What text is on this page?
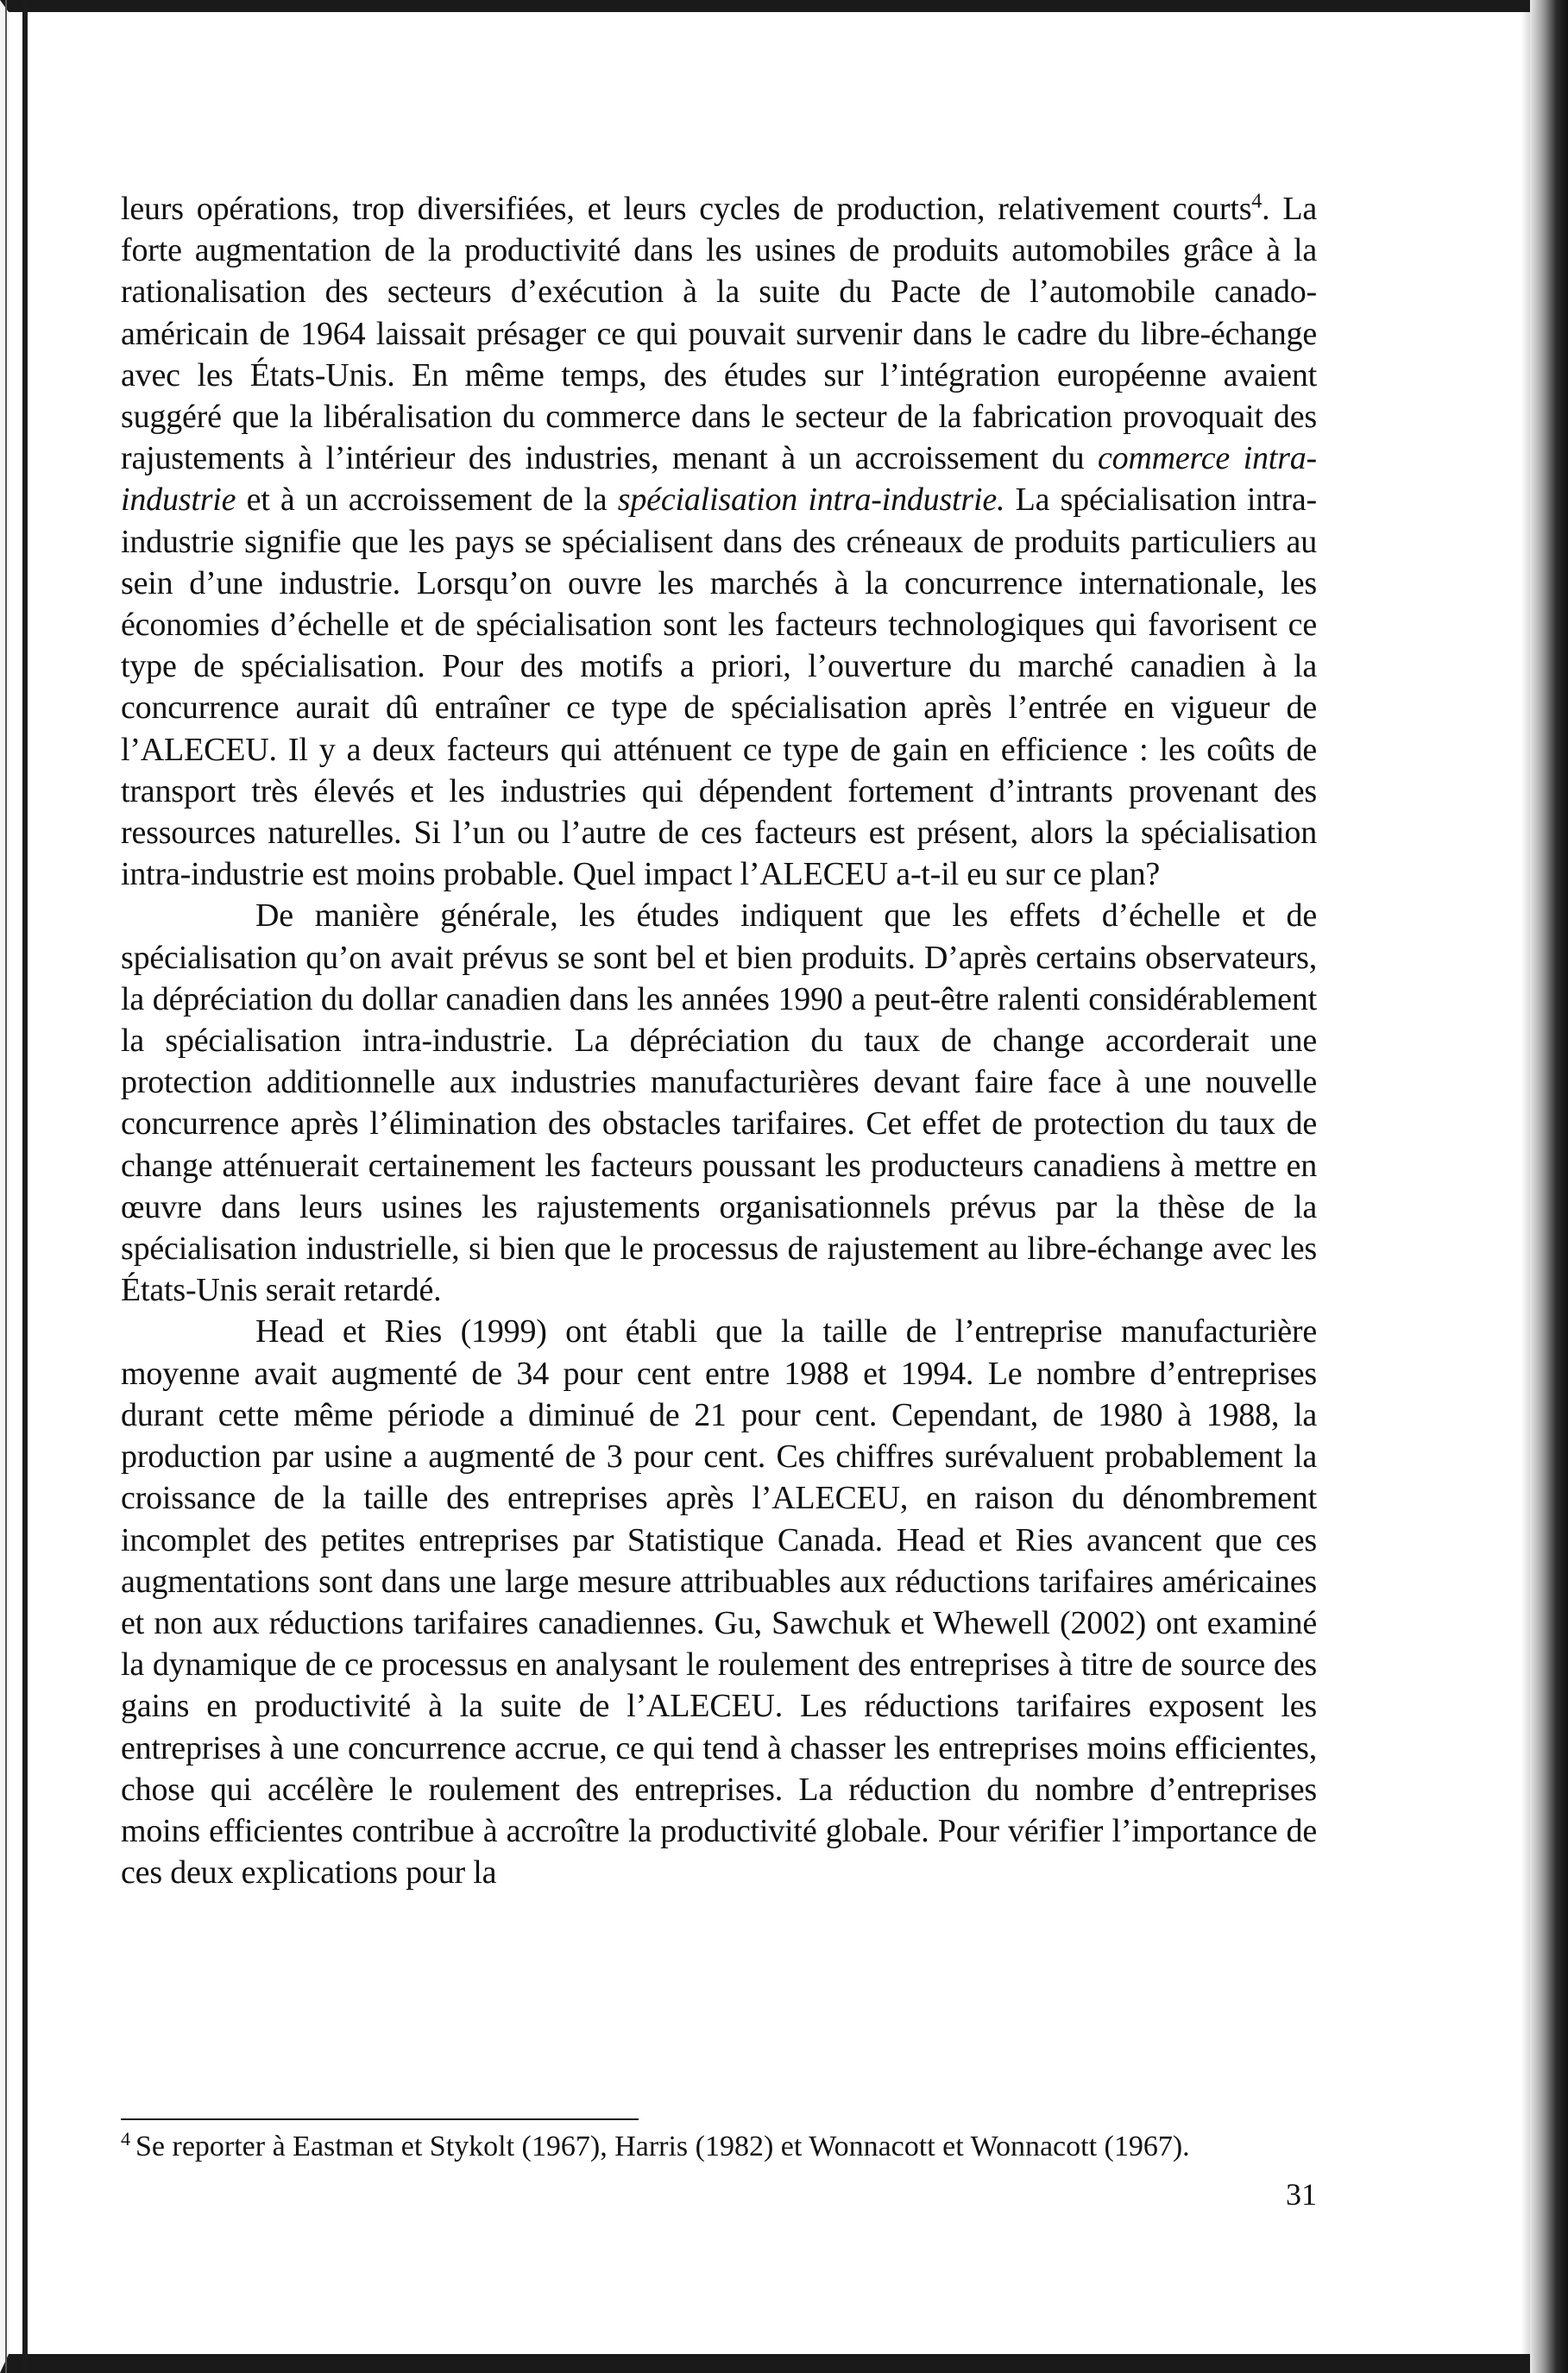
leurs opérations, trop diversifiées, et leurs cycles de production, relativement courts$^4$. La forte augmentation de la productivité dans les usines de produits automobiles grâce à la rationalisation des secteurs d’exécution à la suite du Pacte de l’automobile canado-américain de 1964 laissait présager ce qui pouvait survenir dans le cadre du libre-échange avec les États-Unis. En même temps, des études sur l’intégration européenne avaient suggéré que la libéralisation du commerce dans le secteur de la fabrication provoquait des rajustements à l’intérieur des industries, menant à un accroissement du commerce intra-industrie et à un accroissement de la spécialisation intra-industrie. La spécialisation intra-industrie signifie que les pays se spécialisent dans des créneaux de produits particuliers au sein d’une industrie. Lorsqu’on ouvre les marchés à la concurrence internationale, les économies d’échelle et de spécialisation sont les facteurs technologiques qui favorisent ce type de spécialisation. Pour des motifs a priori, l’ouverture du marché canadien à la concurrence aurait dû entraîner ce type de spécialisation après l’entrée en vigueur de l’ALECEU. Il y a deux facteurs qui atténuent ce type de gain en efficience : les coûts de transport très élevés et les industries qui dépendent fortement d’intrants provenant des ressources naturelles. Si l’un ou l’autre de ces facteurs est présent, alors la spécialisation intra-industrie est moins probable. Quel impact l’ALECEU a-t-il eu sur ce plan?

De manière générale, les études indiquent que les effets d’échelle et de spécialisation qu’on avait prévus se sont bel et bien produits. D’après certains observateurs, la dépréciation du dollar canadien dans les années 1990 a peut-être ralenti considérablement la spécialisation intra-industrie. La dépréciation du taux de change accorderait une protection additionnelle aux industries manufacturières devant faire face à une nouvelle concurrence après l’élimination des obstacles tarifaires. Cet effet de protection du taux de change atténuerait certainement les facteurs poussant les producteurs canadiens à mettre en œuvre dans leurs usines les rajustements organisationnels prévus par la thèse de la spécialisation industrielle, si bien que le processus de rajustement au libre-échange avec les États-Unis serait retardé.

Head et Ries (1999) ont établi que la taille de l’entreprise manufacturière moyenne avait augmenté de 34 pour cent entre 1988 et 1994. Le nombre d’entreprises durant cette même période a diminué de 21 pour cent. Cependant, de 1980 à 1988, la production par usine a augmenté de 3 pour cent. Ces chiffres surévaluent probablement la croissance de la taille des entreprises après l’ALECEU, en raison du dénombrement incomplet des petites entreprises par Statistique Canada. Head et Ries avancent que ces augmentations sont dans une large mesure attribuables aux réductions tarifaires américaines et non aux réductions tarifaires canadiennes. Gu, Sawchuk et Whewell (2002) ont examiné la dynamique de ce processus en analysant le roulement des entreprises à titre de source des gains en productivité à la suite de l’ALECEU. Les réductions tarifaires exposent les entreprises à une concurrence accrue, ce qui tend à chasser les entreprises moins efficientes, chose qui accélère le roulement des entreprises. La réduction du nombre d’entreprises moins efficientes contribue à accroître la productivité globale. Pour vérifier l’importance de ces deux explications pour la

$^4$ Se reporter à Eastman et Stykolt (1967), Harris (1982) et Wonnacott et Wonnacott (1967).

31
